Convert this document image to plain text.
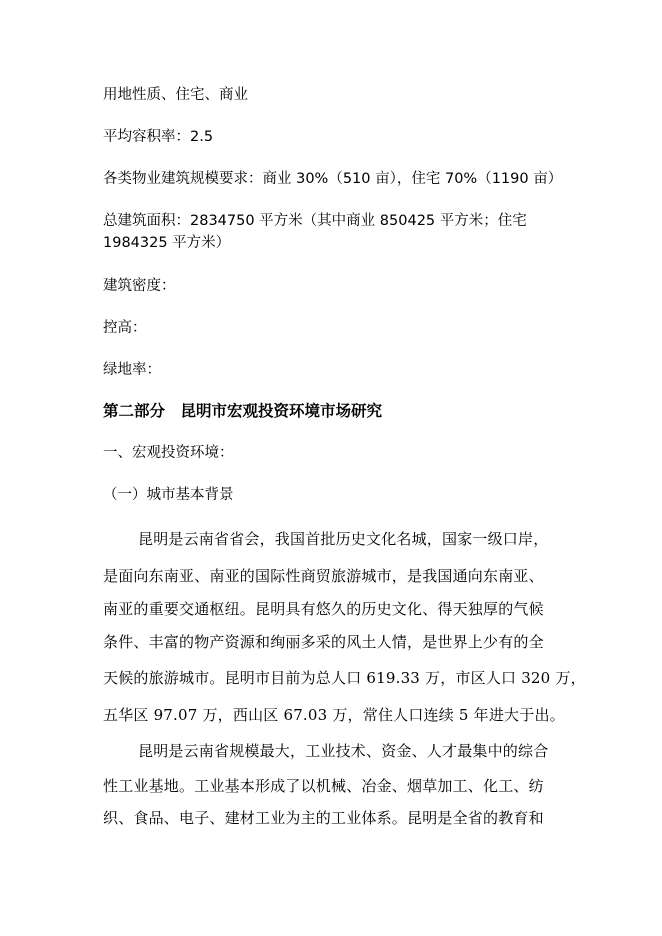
用地性质、住宅、商业
平均容积率：2.5
各类物业建筑规模要求：商业 30%（510 亩），住宅 70%（1190 亩）
总建筑面积：2834750 平方米（其中商业 850425 平方米；住宅
1984325 平方米）
建筑密度：
控高：
绿地率：
第二部分　昆明市宏观投资环境市场研究
一、宏观投资环境：
（一）城市基本背景
昆明是云南省省会，我国首批历史文化名城，国家一级口岸，
是面向东南亚、南亚的国际性商贸旅游城市，是我国通向东南亚、
南亚的重要交通枢纽。昆明具有悠久的历史文化、得天独厚的气候
条件、丰富的物产资源和绚丽多采的风土人情，是世界上少有的全
天候的旅游城市。昆明市目前为总人口 619.33 万，市区人口 320 万，
五华区 97.07 万，西山区 67.03 万，常住人口连续 5 年进大于出。
昆明是云南省规模最大，工业技术、资金、人才最集中的综合
性工业基地。工业基本形成了以机械、冶金、烟草加工、化工、纺
织、食品、电子、建材工业为主的工业体系。昆明是全省的教育和
